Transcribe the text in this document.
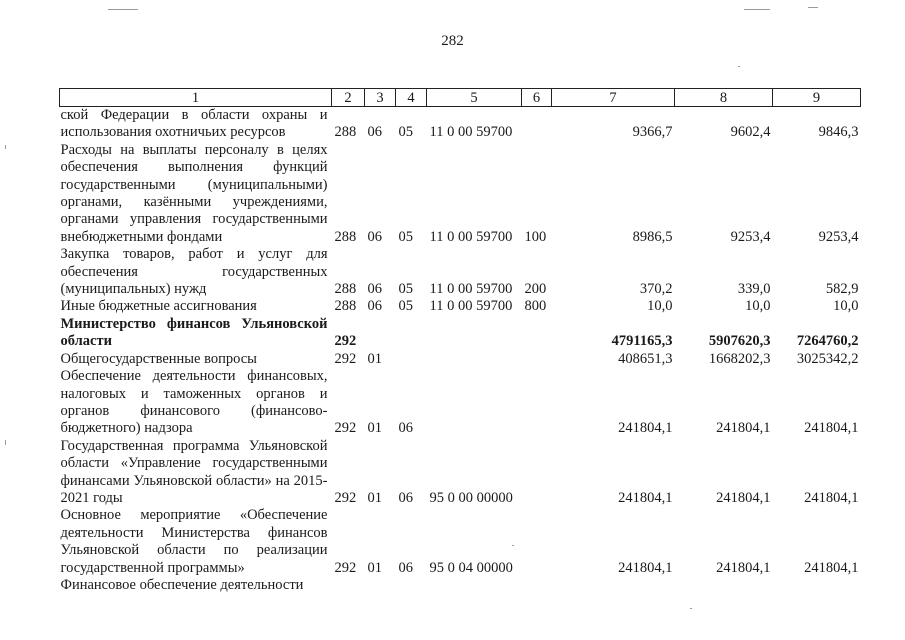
282
1	2	3	4	5	6	7	8	9
ской Федерации в области охраны и использования охотничьих ресурсов	288	06	05	11 0 00 59700		9366,7	9602,4	9846,3
Расходы на выплаты персоналу в целях обеспечения выполнения функций государственными (муниципальными) органами, казёнными учреждениями, органами управления государственными внебюджетными фондами	288	06	05	11 0 00 59700	100	8986,5	9253,4	9253,4
Закупка товаров, работ и услуг для обеспечения государственных (муниципальных) нужд	288	06	05	11 0 00 59700	200	370,2	339,0	582,9
Иные бюджетные ассигнования	288	06	05	11 0 00 59700	800	10,0	10,0	10,0
Министерство финансов Ульяновской области	292					4791165,3	5907620,3	7264760,2
Общегосударственные вопросы	292	01				408651,3	1668202,3	3025342,2
Обеспечение деятельности финансовых, налоговых и таможенных органов и органов финансового (финансово-бюджетного) надзора	292	01	06			241804,1	241804,1	241804,1
Государственная программа Ульяновской области «Управление государственными финансами Ульяновской области» на 2015-2021 годы	292	01	06	95 0 00 00000		241804,1	241804,1	241804,1
Основное мероприятие «Обеспечение деятельности Министерства финансов Ульяновской области по реализации государственной программы»	292	01	06	95 0 04 00000		241804,1	241804,1	241804,1
Финансовое обеспечение деятельности								
